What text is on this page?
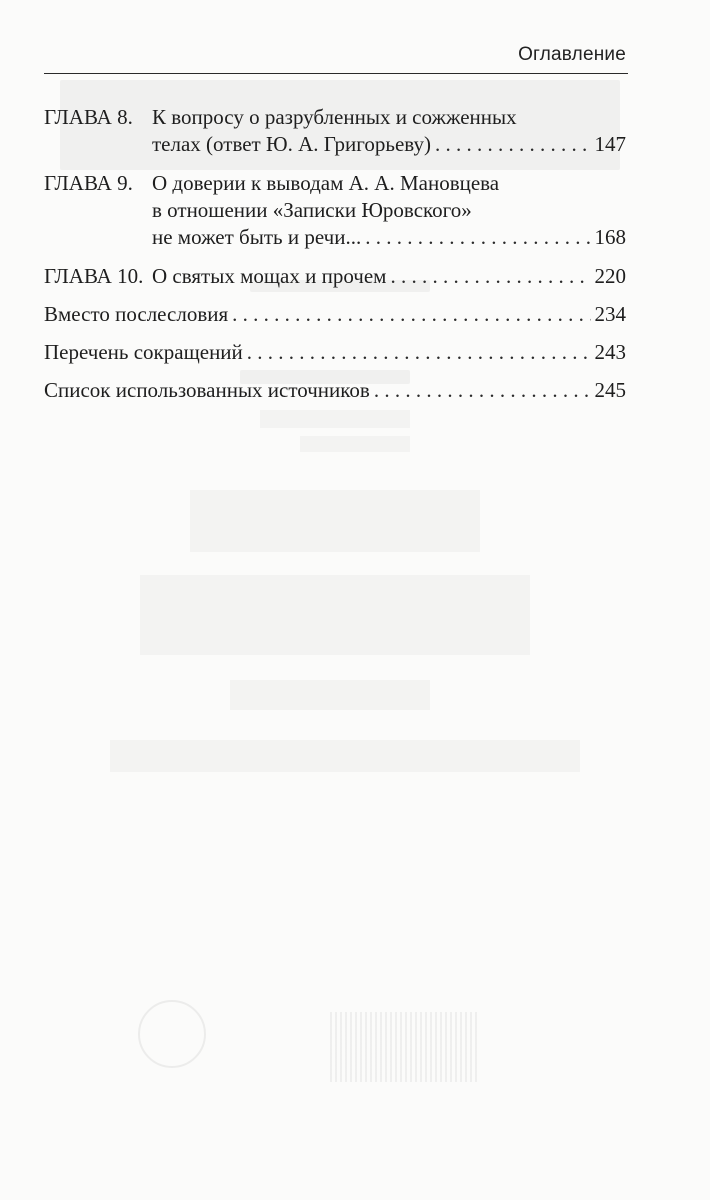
Оглавление
ГЛАВА 8. К вопросу о разрубленных и сожженных
телах (ответ Ю. А. Григорьеву) . . .	147
ГЛАВА 9. О доверии к выводам А. А. Мановцева
в отношении «Записки Юровского»
не может быть и речи... . . .	168
ГЛАВА 10. О святых мощах и прочем . . .	220
Вместо послесловия . . .	234
Перечень сокращений . . .	243
Список использованных источников . . .	245
